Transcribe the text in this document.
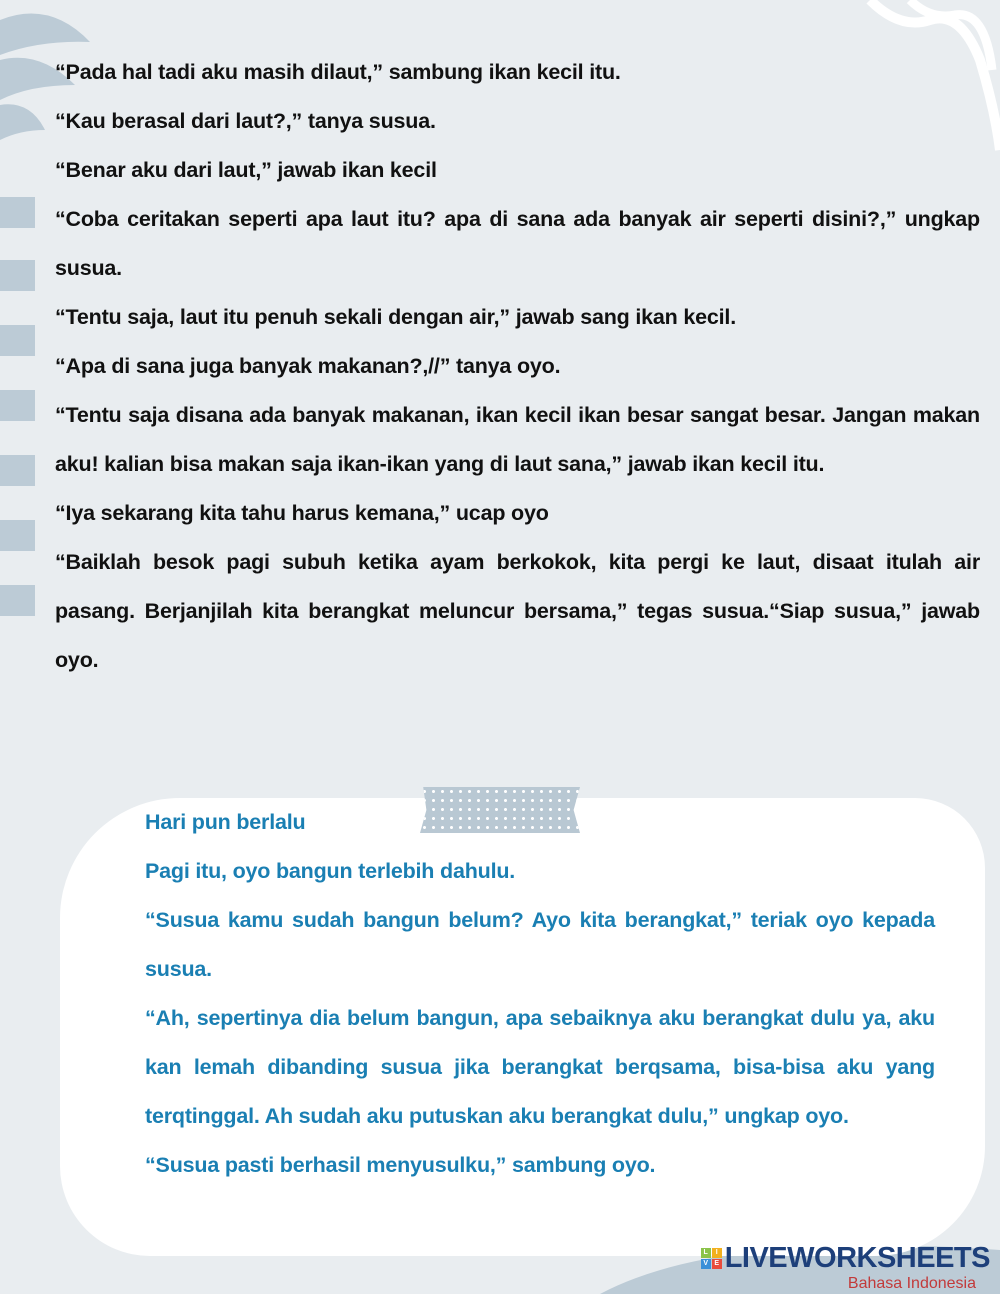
“Pada hal tadi aku masih dilaut,” sambung ikan kecil itu.

“Kau berasal dari laut?,” tanya susua.

“Benar aku dari laut,” jawab ikan kecil

“Coba ceritakan seperti apa laut itu? apa di sana ada banyak air seperti disini?,” ungkap susua.

“Tentu saja, laut itu penuh sekali dengan air,” jawab sang ikan kecil.

“Apa di sana juga banyak makanan?,//” tanya oyo.

“Tentu saja disana ada banyak makanan, ikan kecil ikan besar sangat besar. Jangan makan aku! kalian bisa makan saja ikan-ikan yang di laut sana,” jawab ikan kecil itu.

“Iya sekarang kita tahu harus kemana,” ucap oyo

“Baiklah besok pagi subuh ketika ayam berkokok, kita pergi ke laut, disaat itulah air pasang. Berjanjilah kita berangkat meluncur bersama,” tegas susua.“Siap susua,” jawab oyo.

Hari pun berlalu

Pagi itu, oyo bangun terlebih dahulu.

“Susua kamu sudah bangun belum? Ayo kita berangkat,” teriak oyo kepada susua.

“Ah, sepertinya dia belum bangun, apa sebaiknya aku berangkat dulu ya, aku kan lemah dibanding susua jika berangkat berqsama, bisa-bisa aku yang terqtinggal. Ah sudah aku putuskan aku berangkat dulu,” ungkap oyo.

“Susua pasti berhasil menyusulku,” sambung oyo.

L	I
V E LIVEWORKSHEETS
Bahasa Indonesia
